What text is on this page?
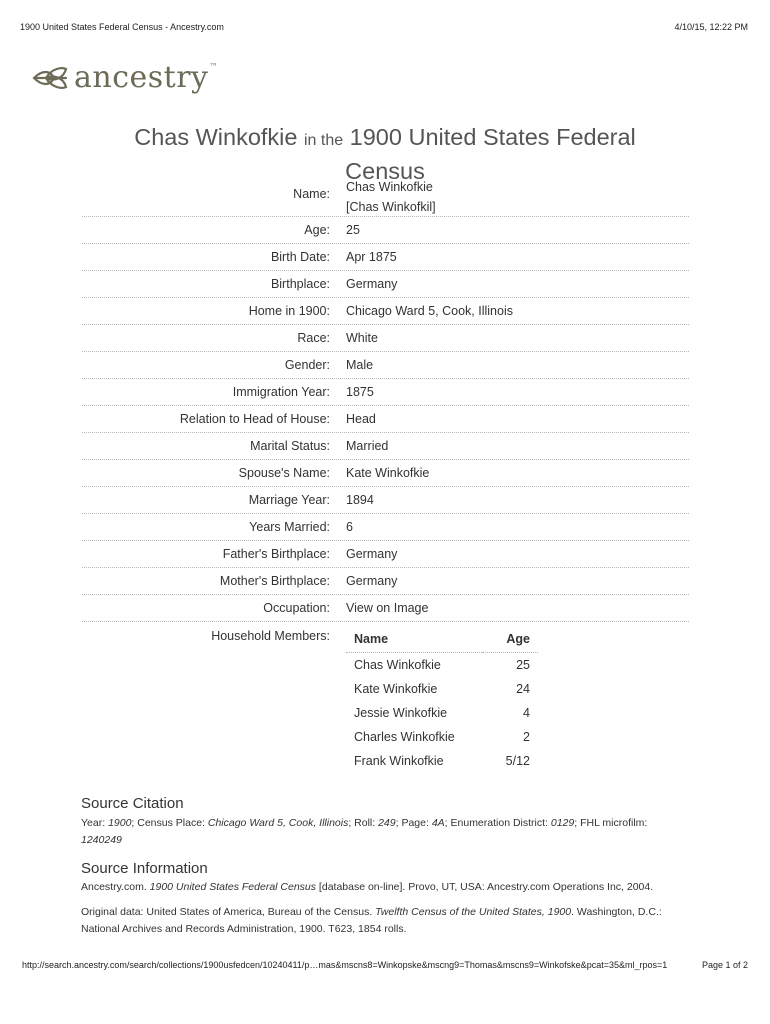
1900 United States Federal Census - Ancestry.com	4/10/15, 12:22 PM
ancestry™
Chas Winkofkie in the 1900 United States Federal
Census
Name:	Chas Winkofkie
[Chas Winkofkil]
Age:	25
Birth Date:	Apr 1875
Birthplace:	Germany
Home in 1900:	Chicago Ward 5, Cook, Illinois
Race:	White
Gender:	Male
Immigration Year:	1875
Relation to Head of House:	Head
Marital Status:	Married
Spouse's Name:	Kate Winkofkie
Marriage Year:	1894
Years Married:	6
Father's Birthplace:	Germany
Mother's Birthplace:	Germany
Occupation:	View on Image
Household Members:	Name	Age
Chas Winkofkie	25
Kate Winkofkie	24
Jessie Winkofkie	4
Charles Winkofkie	2
Frank Winkofkie	5/12
Source Citation
Year: 1900; Census Place: Chicago Ward 5, Cook, Illinois; Roll: 249; Page: 4A; Enumeration District: 0129; FHL microfilm: 1240249
Source Information
Ancestry.com. 1900 United States Federal Census [database on-line]. Provo, UT, USA: Ancestry.com Operations Inc, 2004.
Original data: United States of America, Bureau of the Census. Twelfth Census of the United States, 1900. Washington, D.C.: National Archives and Records Administration, 1900. T623, 1854 rolls.
http://search.ancestry.com/search/collections/1900usfedcen/10240411/p…mas&mscns8=Winkopske&mscng9=Thomas&mscns9=Winkofske&pcat=35&ml_rpos=1	Page 1 of 2
